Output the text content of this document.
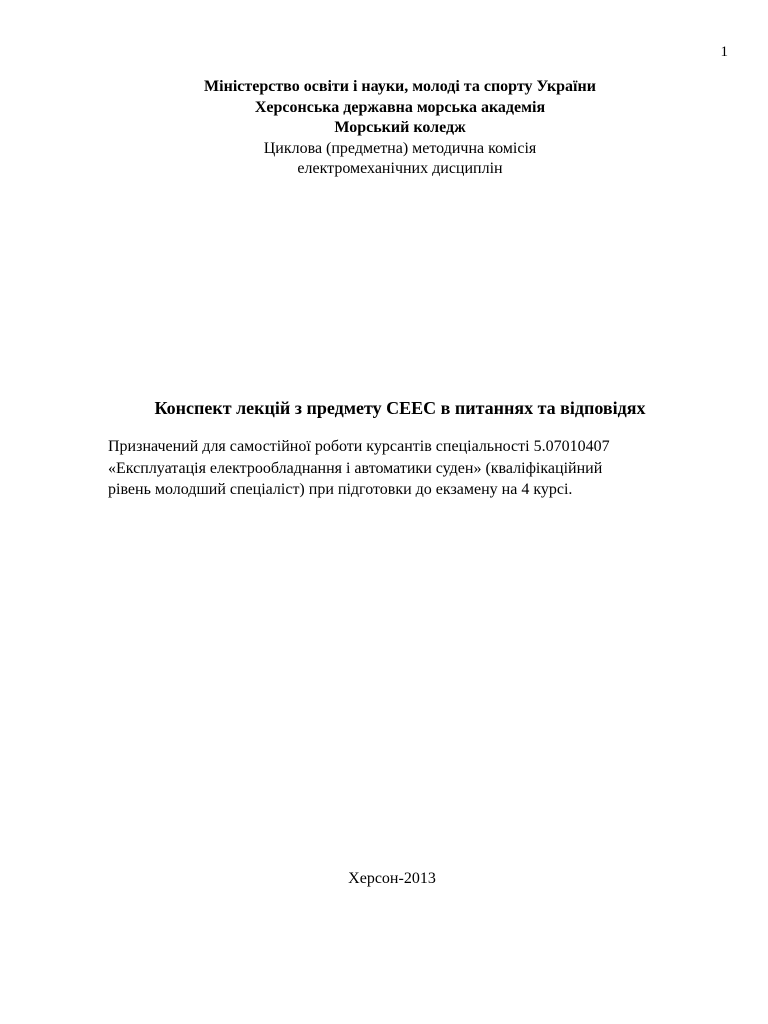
1
Міністерство освіти і науки, молоді та спорту України
Херсонська державна морська академія
Морський коледж
Циклова (предметна) методична комісія
електромеханічних дисциплін
Конспект лекцій з предмету СЕЕС в питаннях та відповідях
Призначений для самостійної роботи курсантів спеціальності 5.07010407
«Експлуатація електрообладнання і автоматики суден» (кваліфікаційний
рівень молодший спеціаліст) при підготовки до екзамену на 4 курсі.
Херсон-2013
